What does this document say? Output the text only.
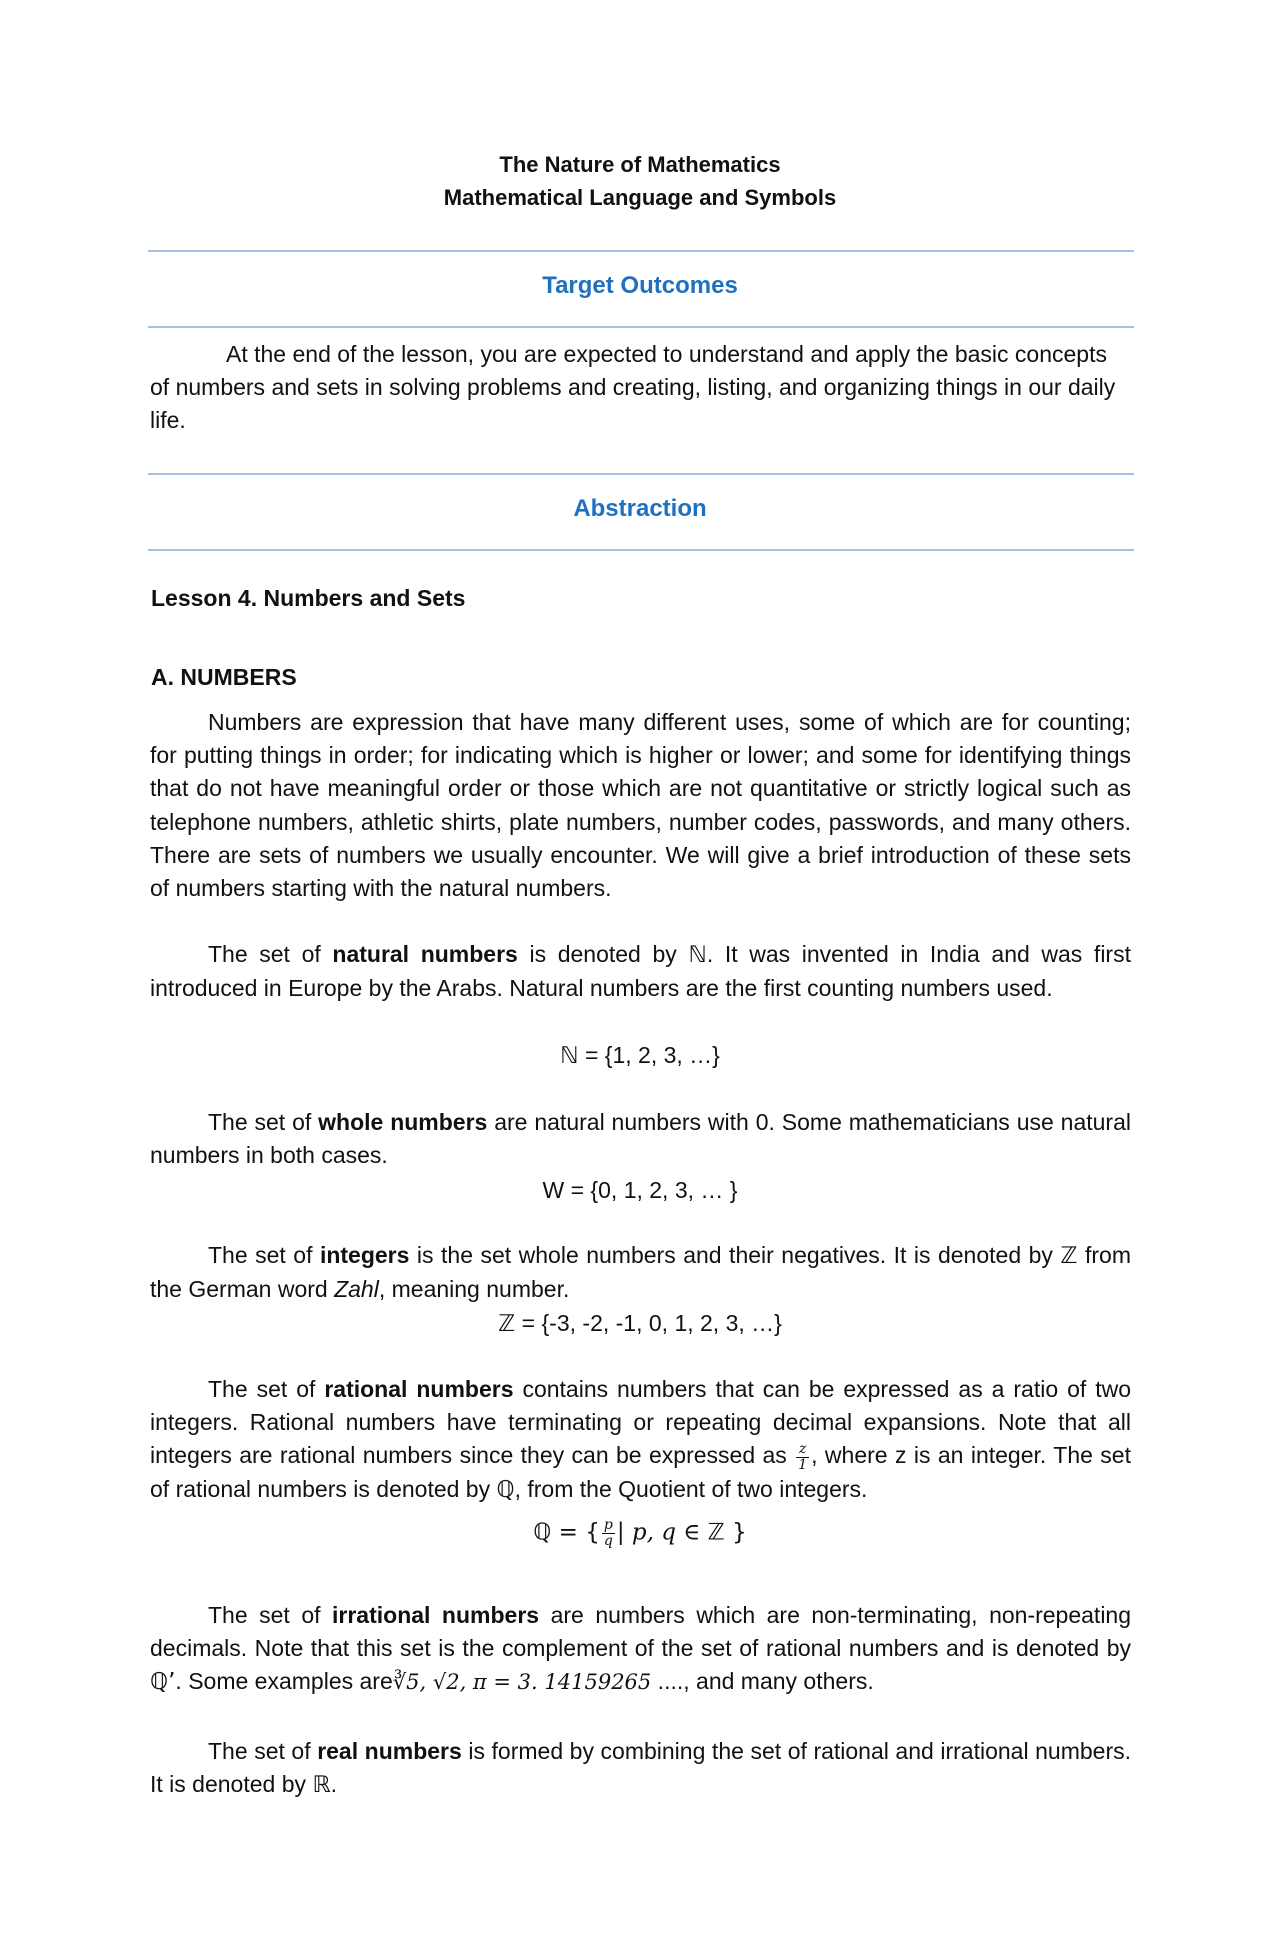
The Nature of Mathematics
Mathematical Language and Symbols
Target Outcomes
At the end of the lesson, you are expected to understand and apply the basic concepts of numbers and sets in solving problems and creating, listing, and organizing things in our daily life.
Abstraction
Lesson 4. Numbers and Sets
A. NUMBERS
Numbers are expression that have many different uses, some of which are for counting; for putting things in order; for indicating which is higher or lower; and some for identifying things that do not have meaningful order or those which are not quantitative or strictly logical such as telephone numbers, athletic shirts, plate numbers, number codes, passwords, and many others. There are sets of numbers we usually encounter. We will give a brief introduction of these sets of numbers starting with the natural numbers.
The set of natural numbers is denoted by ℕ. It was invented in India and was first introduced in Europe by the Arabs. Natural numbers are the first counting numbers used.
ℕ = {1, 2, 3, …}
The set of whole numbers are natural numbers with 0. Some mathematicians use natural numbers in both cases.
W = {0, 1, 2, 3, … }
The set of integers is the set whole numbers and their negatives. It is denoted by ℤ from the German word Zahl, meaning number.
ℤ = {-3, -2, -1, 0, 1, 2, 3, …}
The set of rational numbers contains numbers that can be expressed as a ratio of two integers. Rational numbers have terminating or repeating decimal expansions. Note that all integers are rational numbers since they can be expressed as $\frac{z}{1}$ , where z is an integer. The set of rational numbers is denoted by ℚ, from the Quotient of two integers.
ℚ = { $\frac{p}{q}$ | p, q ∈ ℤ }
The set of irrational numbers are numbers which are non-terminating, non-repeating decimals. Note that this set is the complement of the set of rational numbers and is denoted by ℚ’. Some examples are∛5, √2, π = 3. 14159265 ...., and many others.
The set of real numbers is formed by combining the set of rational and irrational numbers. It is denoted by ℝ.
